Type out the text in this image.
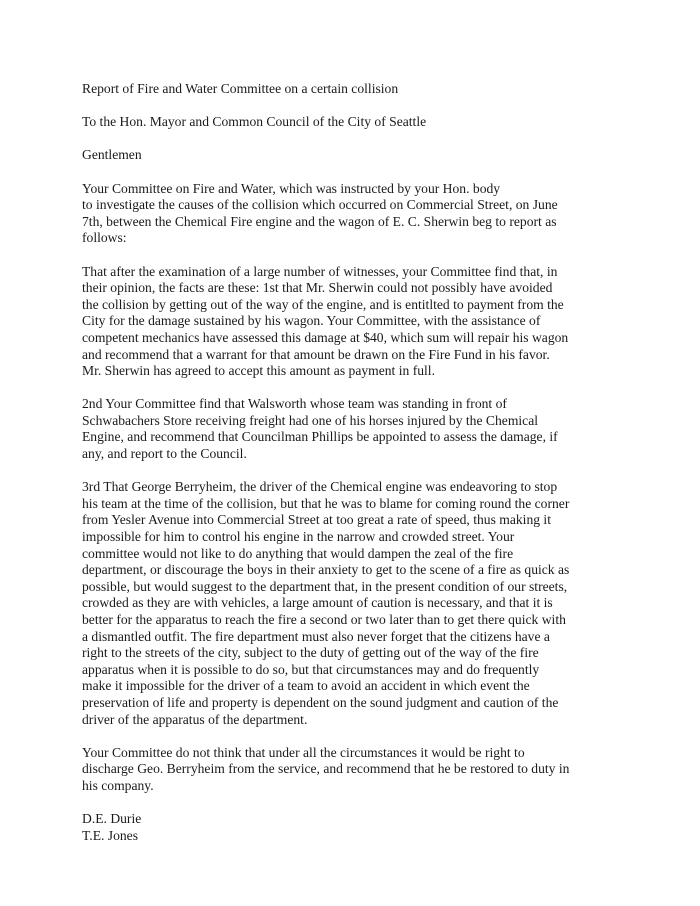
Report of Fire and Water Committee on a certain collision
To the Hon. Mayor and Common Council of the City of Seattle
Gentlemen
Your Committee on Fire and Water, which was instructed by your Hon. body
to investigate the causes of the collision which occurred on Commercial Street, on June
7th, between the Chemical Fire engine and the wagon of E. C. Sherwin beg to report as
follows:
That after the examination of a large number of witnesses, your Committee find that, in
their opinion, the facts are these: 1st that Mr. Sherwin could not possibly have avoided
the collision by getting out of the way of the engine, and is entitlted to payment from the
City for the damage sustained by his wagon. Your Committee, with the assistance of
competent mechanics have assessed this damage at $40, which sum will repair his wagon
and recommend that a warrant for that amount be drawn on the Fire Fund in his favor.
Mr. Sherwin has agreed to accept this amount as payment in full.
2nd Your Committee find that Walsworth whose team was standing in front of
Schwabachers Store receiving freight had one of his horses injured by the Chemical
Engine, and recommend that Councilman Phillips be appointed to assess the damage, if
any, and report to the Council.
3rd That George Berryheim, the driver of the Chemical engine was endeavoring to stop
his team at the time of the collision, but that he was to blame for coming round the corner
from Yesler Avenue into Commercial Street at too great a rate of speed, thus making it
impossible for him to control his engine in the narrow and crowded street. Your
committee would not like to do anything that would dampen the zeal of the fire
department, or discourage the boys in their anxiety to get to the scene of a fire as quick as
possible, but would suggest to the department that, in the present condition of our streets,
crowded as they are with vehicles, a large amount of caution is necessary, and that it is
better for the apparatus to reach the fire a second or two later than to get there quick with
a dismantled outfit. The fire department must also never forget that the citizens have a
right to the streets of the city, subject to the duty of getting out of the way of the fire
apparatus when it is possible to do so, but that circumstances may and do frequently
make it impossible for the driver of a team to avoid an accident in which event the
preservation of life and property is dependent on the sound judgment and caution of the
driver of the apparatus of the department.
Your Committee do not think that under all the circumstances it would be right to
discharge Geo. Berryheim from the service, and recommend that he be restored to duty in
his company.
D.E. Durie
T.E. Jones
